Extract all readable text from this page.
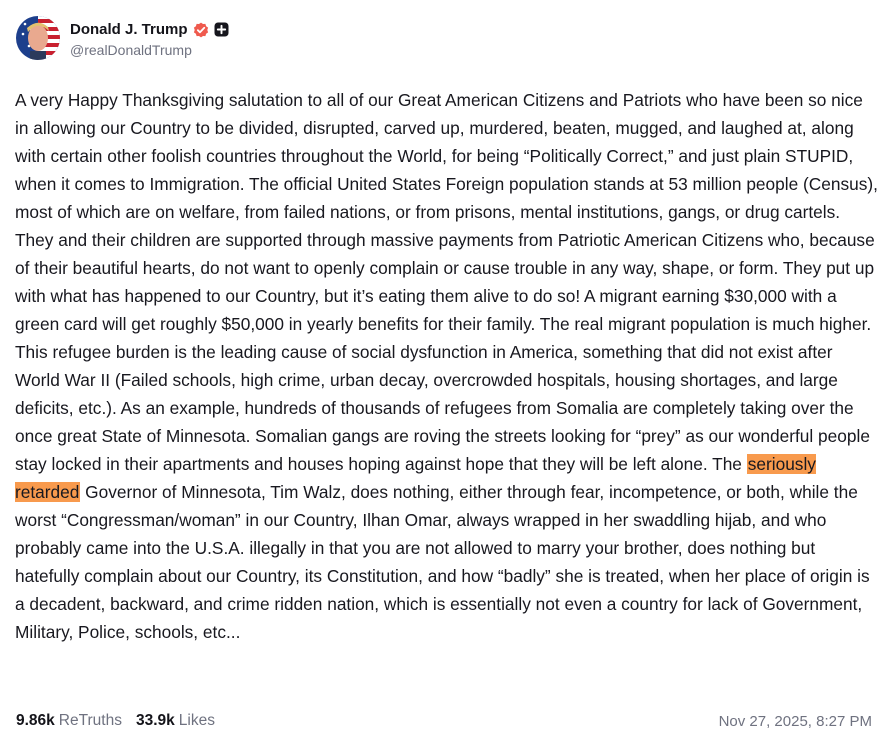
Donald J. Trump
@realDonaldTrump

A very Happy Thanksgiving salutation to all of our Great American Citizens and Patriots who have been so nice in allowing our Country to be divided, disrupted, carved up, murdered, beaten, mugged, and laughed at, along with certain other foolish countries throughout the World, for being “Politically Correct,” and just plain STUPID, when it comes to Immigration. The official United States Foreign population stands at 53 million people (Census), most of which are on welfare, from failed nations, or from prisons, mental institutions, gangs, or drug cartels. They and their children are supported through massive payments from Patriotic American Citizens who, because of their beautiful hearts, do not want to openly complain or cause trouble in any way, shape, or form. They put up with what has happened to our Country, but it’s eating them alive to do so! A migrant earning $30,000 with a green card will get roughly $50,000 in yearly benefits for their family. The real migrant population is much higher. This refugee burden is the leading cause of social dysfunction in America, something that did not exist after World War II (Failed schools, high crime, urban decay, overcrowded hospitals, housing shortages, and large deficits, etc.). As an example, hundreds of thousands of refugees from Somalia are completely taking over the once great State of Minnesota. Somalian gangs are roving the streets looking for “prey” as our wonderful people stay locked in their apartments and houses hoping against hope that they will be left alone. The seriously retarded Governor of Minnesota, Tim Walz, does nothing, either through fear, incompetence, or both, while the worst “Congressman/woman” in our Country, Ilhan Omar, always wrapped in her swaddling hijab, and who probably came into the U.S.A. illegally in that you are not allowed to marry your brother, does nothing but hatefully complain about our Country, its Constitution, and how “badly” she is treated, when her place of origin is a decadent, backward, and crime ridden nation, which is essentially not even a country for lack of Government, Military, Police, schools, etc...

9.86k ReTruths 33.9k Likes	Nov 27, 2025, 8:27 PM
